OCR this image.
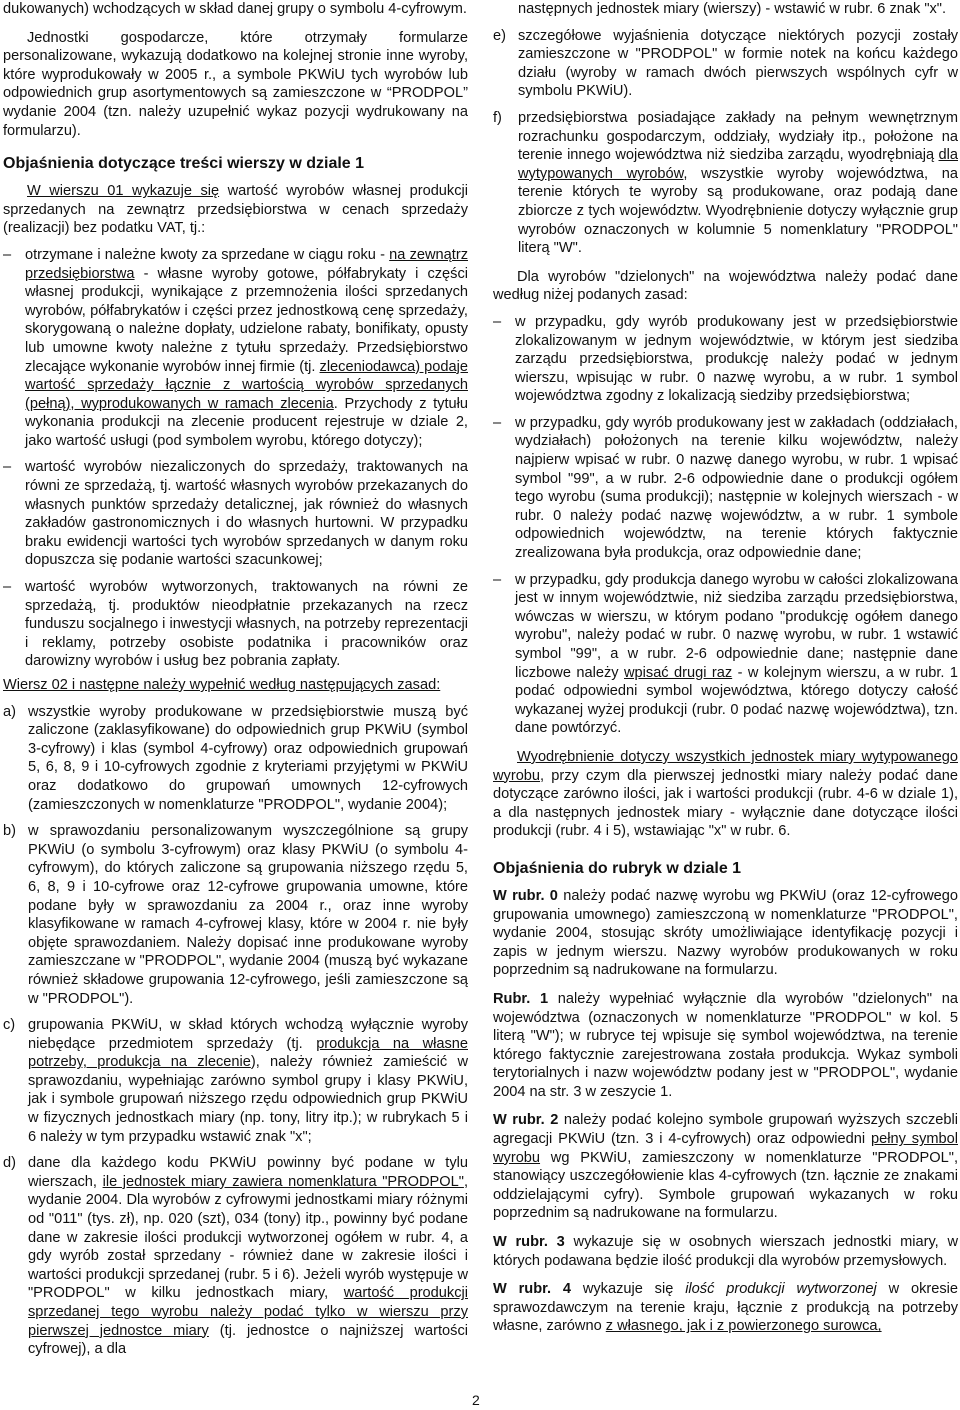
dukowanych) wchodzących w skład danej grupy o symbolu 4-cyfrowym.

Jednostki gospodarcze, które otrzymały formularze personalizowane, wykazują dodatkowo na kolejnej stronie inne wyroby, które wyprodukowały w 2005 r., a symbole PKWiU tych wyrobów lub odpowiednich grup asortymentowych są zamieszczone w “PRODPOL” wydanie 2004 (tzn. należy uzupełnić wykaz pozycji wydrukowany na formularzu).

Objaśnienia dotyczące treści wierszy w dziale 1

W wierszu 01 wykazuje się wartość wyrobów własnej produkcji sprzedanych na zewnątrz przedsiębiorstwa w cenach sprzedaży (realizacji) bez podatku VAT, tj.:

– otrzymane i należne kwoty za sprzedane w ciągu roku - na zewnątrz przedsiębiorstwa - własne wyroby gotowe, półfabrykaty i części własnej produkcji, wynikające z przemnożenia ilości sprzedanych wyrobów, półfabrykatów i części przez jednostkową cenę sprzedaży, skorygowaną o należne dopłaty, udzielone rabaty, bonifikaty, opusty lub umowne kwoty należne z tytułu sprzedaży. Przedsiębiorstwo zlecające wykonanie wyrobów innej firmie (tj. zleceniodawca) podaje wartość sprzedaży łącznie z wartością wyrobów sprzedanych (pełną), wyprodukowanych w ramach zlecenia. Przychody z tytułu wykonania produkcji na zlecenie producent rejestruje w dziale 2, jako wartość usługi (pod symbolem wyrobu, którego dotyczy);

– wartość wyrobów niezaliczonych do sprzedaży, traktowanych na równi ze sprzedażą, tj. wartość własnych wyrobów przekazanych do własnych punktów sprzedaży detalicznej, jak również do własnych zakładów gastronomicznych i do własnych hurtowni. W przypadku braku ewidencji wartości tych wyrobów sprzedanych w danym roku dopuszcza się podanie wartości szacunkowej;

– wartość wyrobów wytworzonych, traktowanych na równi ze sprzedażą, tj. produktów nieodpłatnie przekazanych na rzecz funduszu socjalnego i inwestycji własnych, na potrzeby reprezentacji i reklamy, potrzeby osobiste podatnika i pracowników oraz darowizny wyrobów i usług bez pobrania zapłaty.

Wiersz 02 i następne należy wypełnić według następujących zasad:

a) wszystkie wyroby produkowane w przedsiębiorstwie muszą być zaliczone (zaklasyfikowane) do odpowiednich grup PKWiU (symbol 3-cyfrowy) i klas (symbol 4-cyfrowy) oraz odpowiednich grupowań 5, 6, 8, 9 i 10-cyfrowych zgodnie z kryteriami przyjętymi w PKWiU oraz dodatkowo do grupowań umownych 12-cyfrowych (zamieszczonych w nomenklaturze "PRODPOL", wydanie 2004);

b) w sprawozdaniu personalizowanym wyszczególnione są grupy PKWiU (o symbolu 3-cyfrowym) oraz klasy PKWiU (o symbolu 4-cyfrowym), do których zaliczone są grupowania niższego rzędu 5, 6, 8, 9 i 10-cyfrowe oraz 12-cyfrowe grupowania umowne, które podane były w sprawozdaniu za 2004 r., oraz inne wyroby klasyfikowane w ramach 4-cyfrowej klasy, które w 2004 r. nie były objęte sprawozdaniem. Należy dopisać inne produkowane wyroby zamieszczane w "PRODPOL", wydanie 2004 (muszą być wykazane również składowe grupowania 12-cyfrowego, jeśli zamieszczone są w "PRODPOL").

c) grupowania PKWiU, w skład których wchodzą wyłącznie wyroby niebędące przedmiotem sprzedaży (tj. produkcja na własne potrzeby, produkcja na zlecenie), należy również zamieścić w sprawozdaniu, wypełniając zarówno symbol grupy i klasy PKWiU, jak i symbole grupowań niższego rzędu odpowiednich grup PKWiU w fizycznych jednostkach miary (np. tony, litry itp.); w rubrykach 5 i 6 należy w tym przypadku wstawić znak "x";

d) dane dla każdego kodu PKWiU powinny być podane w tylu wierszach, ile jednostek miary zawiera nomenklatura "PRODPOL", wydanie 2004. Dla wyrobów z cyfrowymi jednostkami miary różnymi od "011" (tys. zł), np. 020 (szt), 034 (tony) itp., powinny być podane dane w zakresie ilości produkcji wytworzonej ogółem w rubr. 4, a gdy wyrób został sprzedany - również dane w zakresie ilości i wartości produkcji sprzedanej (rubr. 5 i 6). Jeżeli wyrób występuje w "PRODPOL" w kilku jednostkach miary, wartość produkcji sprzedanej tego wyrobu należy podać tylko w wierszu przy pierwszej jednostce miary (tj. jednostce o najniższej wartości cyfrowej), a dla

następnych jednostek miary (wierszy) - wstawić w rubr. 6 znak "x".

e) szczegółowe wyjaśnienia dotyczące niektórych pozycji zostały zamieszczone w "PRODPOL" w formie notek na końcu każdego działu (wyroby w ramach dwóch pierwszych wspólnych cyfr w symbolu PKWiU).

f) przedsiębiorstwa posiadające zakłady na pełnym wewnętrznym rozrachunku gospodarczym, oddziały, wydziały itp., położone na terenie innego województwa niż siedziba zarządu, wyodrębniają dla wytypowanych wyrobów, wszystkie wyroby województwa, na terenie których te wyroby są produkowane, oraz podają dane zbiorcze z tych województw. Wyodrębnienie dotyczy wyłącznie grup wyrobów oznaczonych w kolumnie 5 nomenklatury "PRODPOL" literą "W".

Dla wyrobów "dzielonych" na województwa należy podać dane według niżej podanych zasad:

– w przypadku, gdy wyrób produkowany jest w przedsiębiorstwie zlokalizowanym w jednym województwie, w którym jest siedziba zarządu przedsiębiorstwa, produkcję należy podać w jednym wierszu, wpisując w rubr. 0 nazwę wyrobu, a w rubr. 1 symbol województwa zgodny z lokalizacją siedziby przedsiębiorstwa;

– w przypadku, gdy wyrób produkowany jest w zakładach (oddziałach, wydziałach) położonych na terenie kilku województw, należy najpierw wpisać w rubr. 0 nazwę danego wyrobu, w rubr. 1 wpisać symbol "99", a w rubr. 2-6 odpowiednie dane o produkcji ogółem tego wyrobu (suma produkcji); następnie w kolejnych wierszach - w rubr. 0 należy podać nazwę województw, a w rubr. 1 symbole odpowiednich województw, na terenie których faktycznie zrealizowana była produkcja, oraz odpowiednie dane;

– w przypadku, gdy produkcja danego wyrobu w całości zlokalizowana jest w innym województwie, niż siedziba zarządu przedsiębiorstwa, wówczas w wierszu, w którym podano "produkcję ogółem danego wyrobu", należy podać w rubr. 0 nazwę wyrobu, w rubr. 1 wstawić symbol "99", a w rubr. 2-6 odpowiednie dane; następnie dane liczbowe należy wpisać drugi raz - w kolejnym wierszu, a w rubr. 1 podać odpowiedni symbol województwa, którego dotyczy całość wykazanej wyżej produkcji (rubr. 0 podać nazwę województwa), tzn. dane powtórzyć.

Wyodrębnienie dotyczy wszystkich jednostek miary wytypowanego wyrobu, przy czym dla pierwszej jednostki miary należy podać dane dotyczące zarówno ilości, jak i wartości produkcji (rubr. 4-6 w dziale 1), a dla następnych jednostek miary - wyłącznie dane dotyczące ilości produkcji (rubr. 4 i 5), wstawiając "x" w rubr. 6.

Objaśnienia do rubryk w dziale 1

W rubr. 0 należy podać nazwę wyrobu wg PKWiU (oraz 12-cyfrowego grupowania umownego) zamieszczoną w nomenklaturze "PRODPOL", wydanie 2004, stosując skróty umożliwiające identyfikację pozycji i zapis w jednym wierszu. Nazwy wyrobów produkowanych w roku poprzednim są nadrukowane na formularzu.

Rubr. 1 należy wypełniać wyłącznie dla wyrobów "dzielonych" na województwa (oznaczonych w nomenklaturze "PRODPOL" w kol. 5 literą "W"); w rubryce tej wpisuje się symbol województwa, na terenie którego faktycznie zarejestrowana została produkcja. Wykaz symboli terytorialnych i nazw województw podany jest w "PRODPOL", wydanie 2004 na str. 3 w zeszycie 1.

W rubr. 2 należy podać kolejno symbole grupowań wyższych szczebli agregacji PKWiU (tzn. 3 i 4-cyfrowych) oraz odpowiedni pełny symbol wyrobu wg PKWiU, zamieszczony w nomenklaturze "PRODPOL", stanowiący uszczegółowienie klas 4-cyfrowych (tzn. łącznie ze znakami oddzielającymi cyfry). Symbole grupowań wykazanych w roku poprzednim są nadrukowane na formularzu.

W rubr. 3 wykazuje się w osobnych wierszach jednostki miary, w których podawana będzie ilość produkcji dla wyrobów przemysłowych.

W rubr. 4 wykazuje się ilość produkcji wytworzonej w okresie sprawozdawczym na terenie kraju, łącznie z produkcją na potrzeby własne, zarówno z własnego, jak i z powierzonego surowca,

2
